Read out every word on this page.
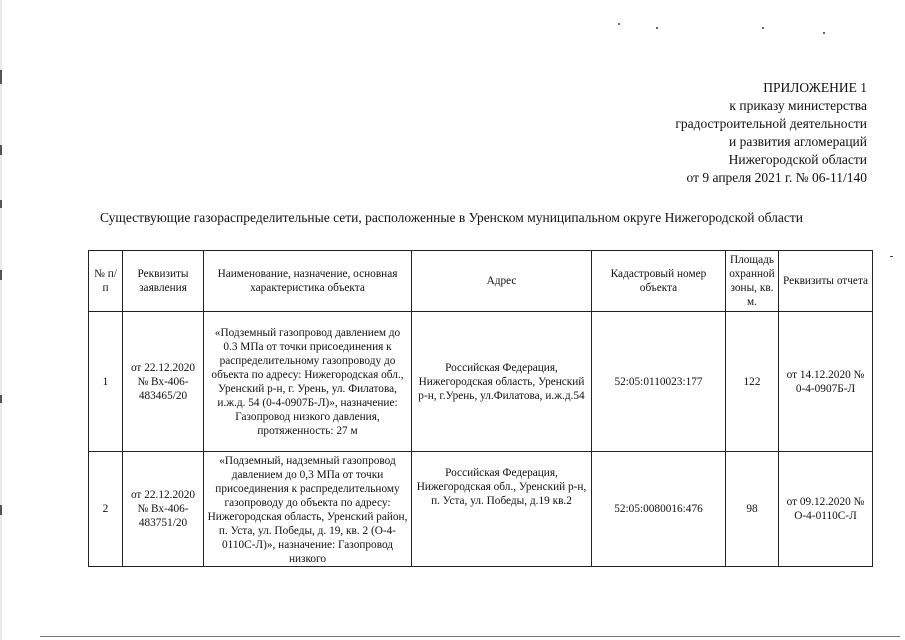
ПРИЛОЖЕНИЕ 1
к приказу министерства
градостроительной деятельности
и развития агломераций
Нижегородской области
от 9 апреля 2021 г. № 06-11/140
Существующие газораспределительные сети, расположенные в Уренском муниципальном округе Нижегородской области
№ п/п	Реквизиты заявления	Наименование, назначение, основная характеристика объекта	Адрес	Кадастровый номер объекта	Площадь охранной зоны, кв. м.	Реквизиты отчета
1	от 22.12.2020 № Вх-406-483465/20	«Подземный газопровод давлением до 0.3 МПа от точки присоединения к распределительному газопроводу до объекта по адресу: Нижегородская обл., Уренский р-н, г. Урень, ул. Филатова, и.ж.д. 54 (0-4-0907Б-Л)», назначение: Газопровод низкого давления, протяженность: 27 м	Российская Федерация, Нижегородская область, Уренский р-н, г.Урень, ул.Филатова, и.ж.д.54	52:05:0110023:177	122	от 14.12.2020 № 0-4-0907Б-Л
2	от 22.12.2020 № Вх-406-483751/20	«Подземный, надземный газопровод давлением до 0,3 МПа от точки присоединения к распределительному газопроводу до объекта по адресу: Нижегородская область, Уренский район, п. Уста, ул. Победы, д. 19, кв. 2 (О-4-0110С-Л)», назначение: Газопровод низкого	Российская Федерация, Нижегородская обл., Уренский р-н, п. Уста, ул. Победы, д.19 кв.2	52:05:0080016:476	98	от 09.12.2020 № О-4-0110С-Л
